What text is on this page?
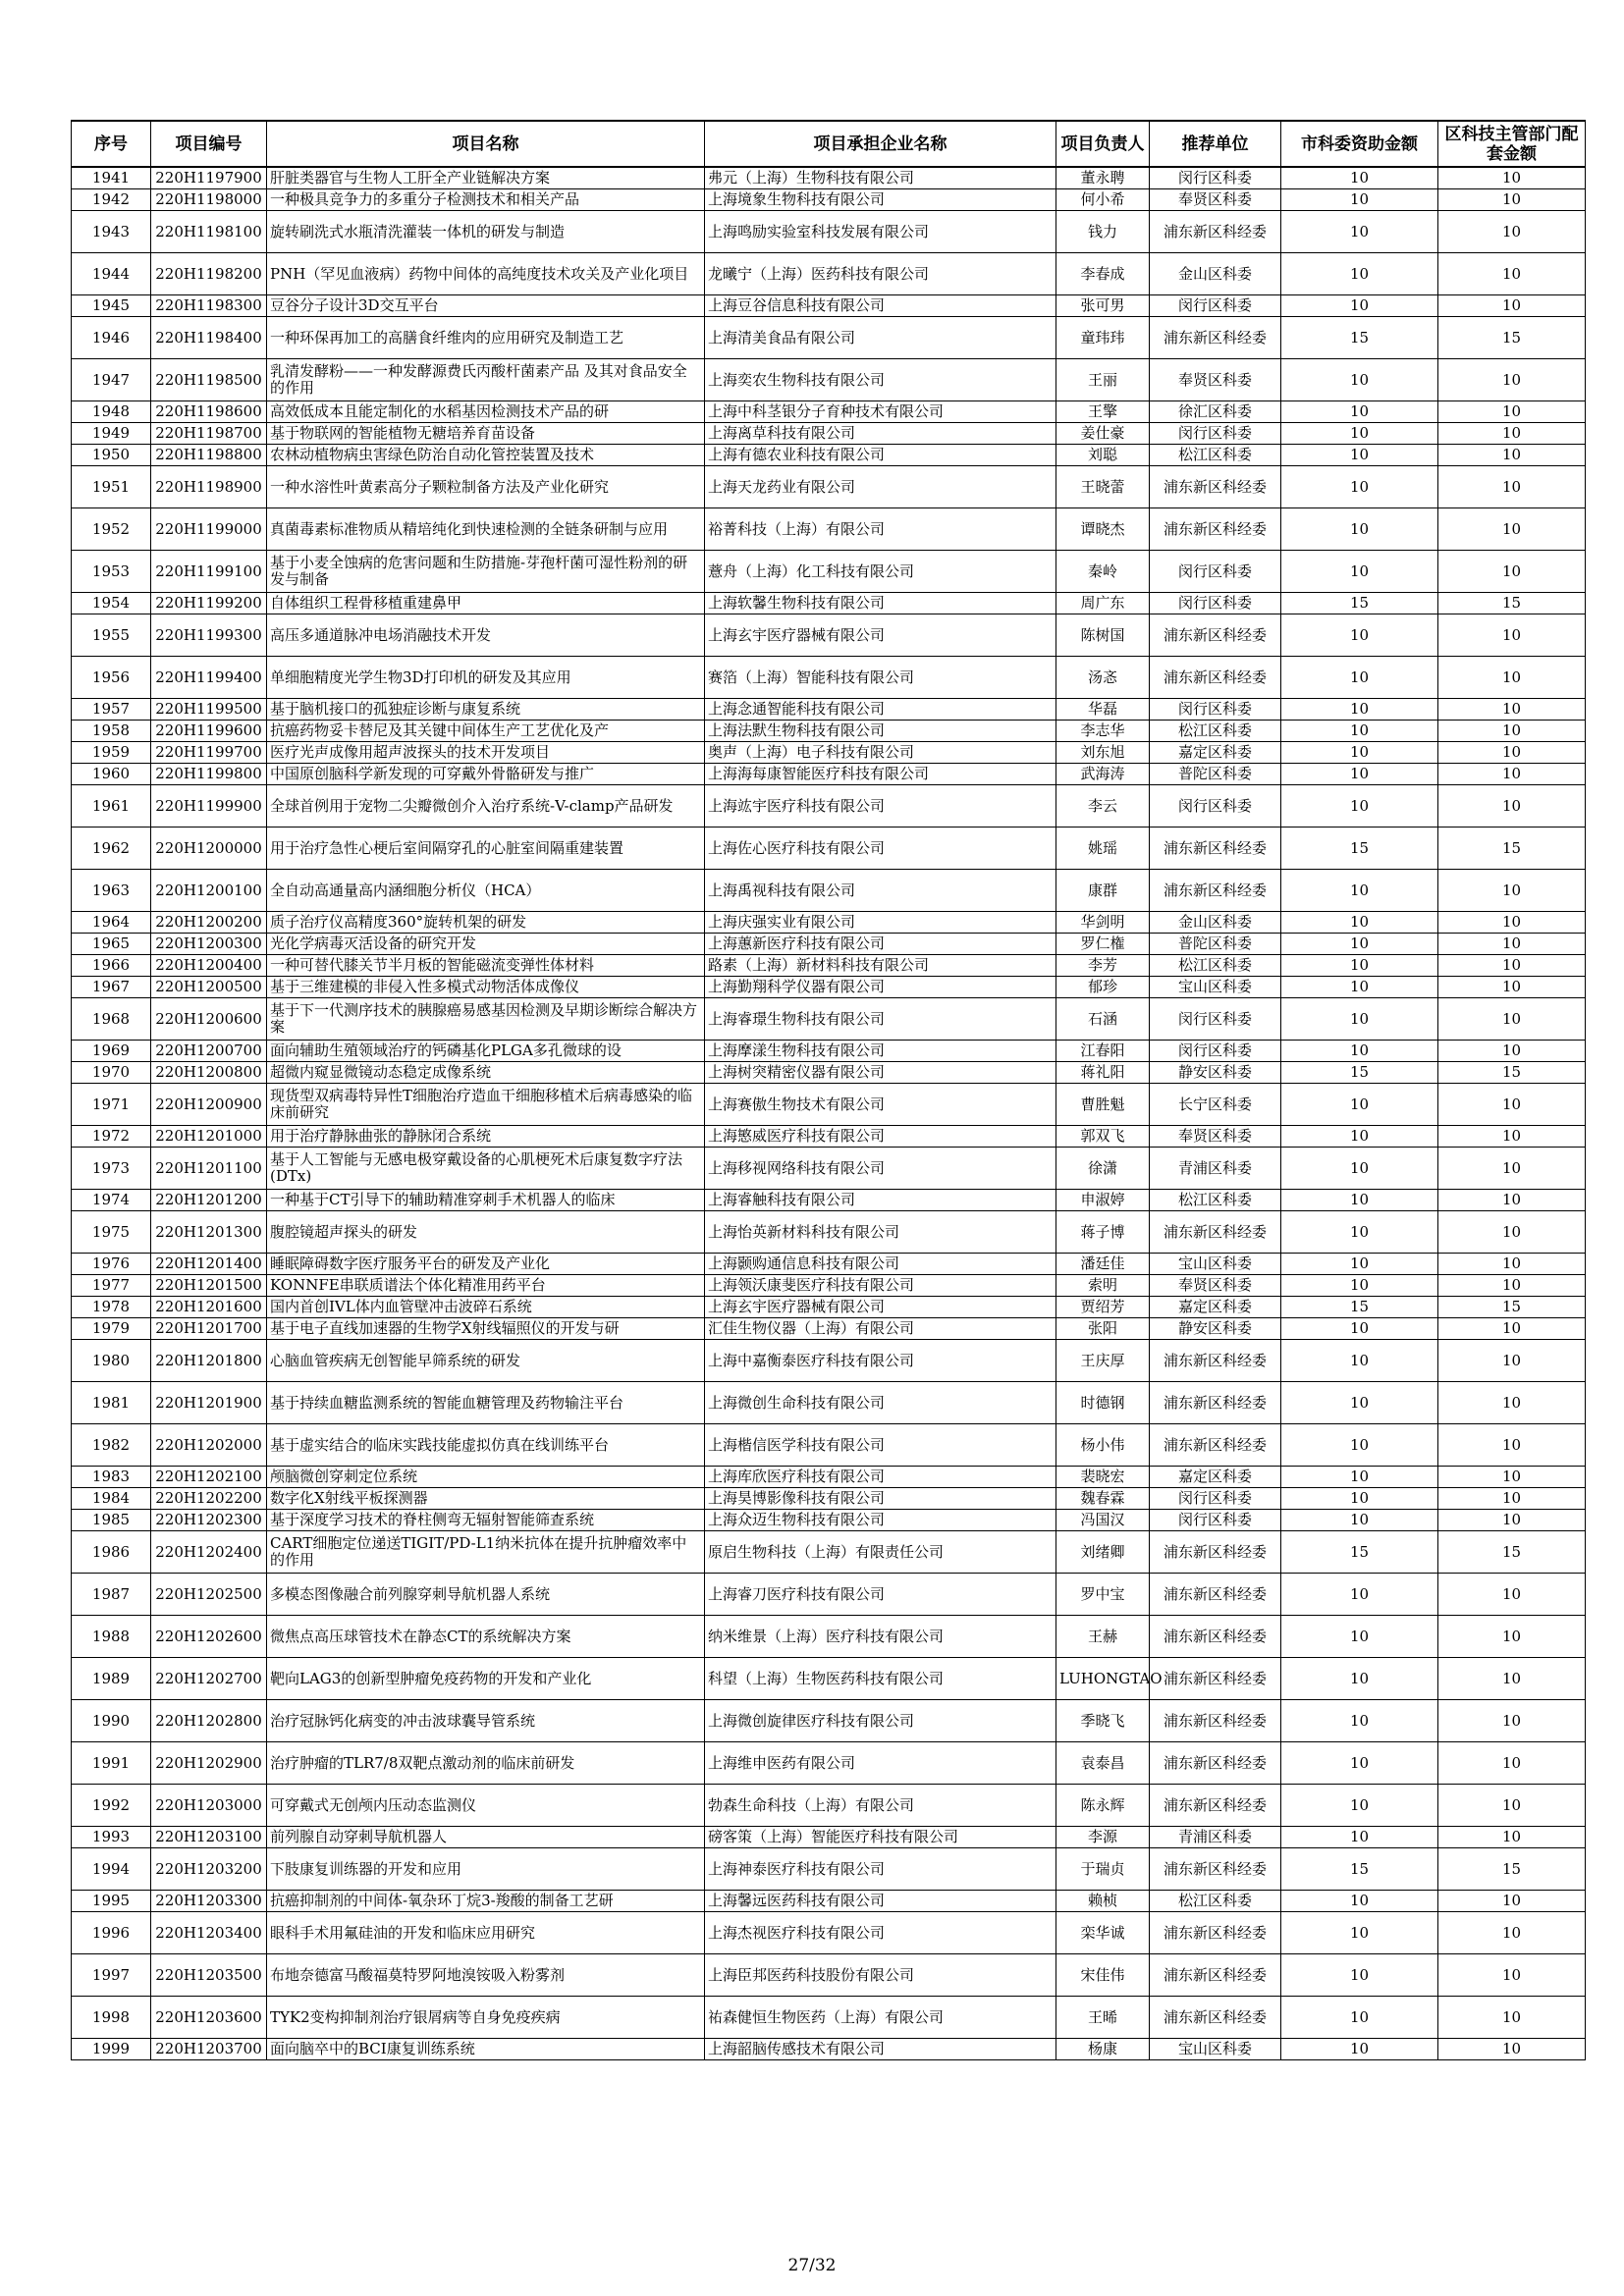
序号	项目编号	项目名称	项目承担企业名称	项目负责人	推荐单位	市科委资助金额	区科技主管部门配套金额

1941	220H1197900	肝脏类器官与生物人工肝全产业链解决方案	弗元（上海）生物科技有限公司	董永聘	闵行区科委	10	10

1942	220H1198000	一种极具竞争力的多重分子检测技术和相关产品	上海境象生物科技有限公司	何小希	奉贤区科委	10	10

1943	220H1198100	旋转刷洗式水瓶清洗灌装一体机的研发与制造	上海鸣励实验室科技发展有限公司	钱力	浦东新区科经委	10	10

1944	220H1198200	PNH（罕见血液病）药物中间体的高纯度技术攻关及产业化项目	龙曦宁（上海）医药科技有限公司	李春成	金山区科委	10	10

1945	220H1198300	豆谷分子设计3D交互平台	上海豆谷信息科技有限公司	张可男	闵行区科委	10	10

1946	220H1198400	一种环保再加工的高膳食纤维肉的应用研究及制造工艺	上海清美食品有限公司	童玮玮	浦东新区科经委	15	15

1947	220H1198500	乳清发酵粉——一种发酵源费氏丙酸杆菌素产品 及其对食品安全的作用	上海奕农生物科技有限公司	王丽	奉贤区科委	10	10

1948	220H1198600	高效低成本且能定制化的水稻基因检测技术产品的研	上海中科茎银分子育种技术有限公司	王擎	徐汇区科委	10	10

1949	220H1198700	基于物联网的智能植物无糖培养育苗设备	上海离草科技有限公司	姜仕豪	闵行区科委	10	10

1950	220H1198800	农林动植物病虫害绿色防治自动化管控装置及技术	上海有德农业科技有限公司	刘聪	松江区科委	10	10

1951	220H1198900	一种水溶性叶黄素高分子颗粒制备方法及产业化研究	上海天龙药业有限公司	王晓蕾	浦东新区科经委	10	10

1952	220H1199000	真菌毒素标准物质从精培纯化到快速检测的全链条研制与应用	裕菁科技（上海）有限公司	谭晓杰	浦东新区科经委	10	10

1953	220H1199100	基于小麦全蚀病的危害问题和生防措施-芽孢杆菌可湿性粉剂的研发与制备	薏舟（上海）化工科技有限公司	秦岭	闵行区科委	10	10

1954	220H1199200	自体组织工程骨移植重建鼻甲	上海软馨生物科技有限公司	周广东	闵行区科委	15	15

1955	220H1199300	高压多通道脉冲电场消融技术开发	上海玄宇医疗器械有限公司	陈树国	浦东新区科经委	10	10

1956	220H1199400	单细胞精度光学生物3D打印机的研发及其应用	赛箔（上海）智能科技有限公司	汤忞	浦东新区科经委	10	10

1957	220H1199500	基于脑机接口的孤独症诊断与康复系统	上海念通智能科技有限公司	华磊	闵行区科委	10	10

1958	220H1199600	抗癌药物妥卡替尼及其关键中间体生产工艺优化及产	上海法默生物科技有限公司	李志华	松江区科委	10	10

1959	220H1199700	医疗光声成像用超声波探头的技术开发项目	奥声（上海）电子科技有限公司	刘东旭	嘉定区科委	10	10

1960	220H1199800	中国原创脑科学新发现的可穿戴外骨骼研发与推广	上海海每康智能医疗科技有限公司	武海涛	普陀区科委	10	10

1961	220H1199900	全球首例用于宠物二尖瓣微创介入治疗系统-V-clamp产品研发	上海竑宇医疗科技有限公司	李云	闵行区科委	10	10

1962	220H1200000	用于治疗急性心梗后室间隔穿孔的心脏室间隔重建装置	上海佐心医疗科技有限公司	姚瑶	浦东新区科经委	15	15

1963	220H1200100	全自动高通量高内涵细胞分析仪（HCA）	上海禹视科技有限公司	康群	浦东新区科经委	10	10

1964	220H1200200	质子治疗仪高精度360°旋转机架的研发	上海庆强实业有限公司	华剑明	金山区科委	10	10

1965	220H1200300	光化学病毒灭活设备的研究开发	上海蕙新医疗科技有限公司	罗仁権	普陀区科委	10	10

1966	220H1200400	一种可替代膝关节半月板的智能磁流变弹性体材料	路素（上海）新材料科技有限公司	李芳	松江区科委	10	10

1967	220H1200500	基于三维建模的非侵入性多模式动物活体成像仪	上海勤翔科学仪器有限公司	郁珍	宝山区科委	10	10

1968	220H1200600	基于下一代测序技术的胰腺癌易感基因检测及早期诊断综合解决方案	上海睿璟生物科技有限公司	石涵	闵行区科委	10	10

1969	220H1200700	面向辅助生殖领域治疗的钙磷基化PLGA多孔微球的设	上海摩漾生物科技有限公司	江春阳	闵行区科委	10	10

1970	220H1200800	超微内窥显微镜动态稳定成像系统	上海树突精密仪器有限公司	蒋礼阳	静安区科委	15	15

1971	220H1200900	现货型双病毒特异性T细胞治疗造血干细胞移植术后病毒感染的临床前研究	上海赛傲生物技术有限公司	曹胜魁	长宁区科委	10	10

1972	220H1201000	用于治疗静脉曲张的静脉闭合系统	上海慜威医疗科技有限公司	郭双飞	奉贤区科委	10	10

1973	220H1201100	基于人工智能与无感电极穿戴设备的心肌梗死术后康复数字疗法(DTx)	上海移视网络科技有限公司	徐潇	青浦区科委	10	10

1974	220H1201200	一种基于CT引导下的辅助精准穿刺手术机器人的临床	上海睿触科技有限公司	申淑婷	松江区科委	10	10

1975	220H1201300	腹腔镜超声探头的研发	上海怡英新材料科技有限公司	蒋子博	浦东新区科经委	10	10

1976	220H1201400	睡眠障碍数字医疗服务平台的研发及产业化	上海颢购通信息科技有限公司	潘廷佳	宝山区科委	10	10

1977	220H1201500	KONNFE串联质谱法个体化精准用药平台	上海领沃康斐医疗科技有限公司	索明	奉贤区科委	10	10

1978	220H1201600	国内首创IVL体内血管壁冲击波碎石系统	上海玄宇医疗器械有限公司	贾绍芳	嘉定区科委	15	15

1979	220H1201700	基于电子直线加速器的生物学X射线辐照仪的开发与研	汇佳生物仪器（上海）有限公司	张阳	静安区科委	10	10

1980	220H1201800	心脑血管疾病无创智能早筛系统的研发	上海中嘉衡泰医疗科技有限公司	王庆厚	浦东新区科经委	10	10

1981	220H1201900	基于持续血糖监测系统的智能血糖管理及药物输注平台	上海微创生命科技有限公司	时德钢	浦东新区科经委	10	10

1982	220H1202000	基于虚实结合的临床实践技能虚拟仿真在线训练平台	上海楷信医学科技有限公司	杨小伟	浦东新区科经委	10	10

1983	220H1202100	颅脑微创穿刺定位系统	上海库欣医疗科技有限公司	裴晓宏	嘉定区科委	10	10

1984	220H1202200	数字化X射线平板探测器	上海昊博影像科技有限公司	魏春霖	闵行区科委	10	10

1985	220H1202300	基于深度学习技术的脊柱侧弯无辐射智能筛查系统	上海众迈生物科技有限公司	冯国汉	闵行区科委	10	10

1986	220H1202400	CART细胞定位递送TIGIT/PD-L1纳米抗体在提升抗肿瘤效率中的作用	原启生物科技（上海）有限责任公司	刘绪卿	浦东新区科经委	15	15

1987	220H1202500	多模态图像融合前列腺穿刺导航机器人系统	上海睿刀医疗科技有限公司	罗中宝	浦东新区科经委	10	10

1988	220H1202600	微焦点高压球管技术在静态CT的系统解决方案	纳米维景（上海）医疗科技有限公司	王赫	浦东新区科经委	10	10

1989	220H1202700	靶向LAG3的创新型肿瘤免疫药物的开发和产业化	科望（上海）生物医药科技有限公司	LUHONGTAO	浦东新区科经委	10	10

1990	220H1202800	治疗冠脉钙化病变的冲击波球囊导管系统	上海微创旋律医疗科技有限公司	季晓飞	浦东新区科经委	10	10

1991	220H1202900	治疗肿瘤的TLR7/8双靶点激动剂的临床前研发	上海维申医药有限公司	袁泰昌	浦东新区科经委	10	10

1992	220H1203000	可穿戴式无创颅内压动态监测仪	勃森生命科技（上海）有限公司	陈永辉	浦东新区科经委	10	10

1993	220H1203100	前列腺自动穿刺导航机器人	磅客策（上海）智能医疗科技有限公司	李源	青浦区科委	10	10

1994	220H1203200	下肢康复训练器的开发和应用	上海神泰医疗科技有限公司	于瑞贞	浦东新区科经委	15	15

1995	220H1203300	抗癌抑制剂的中间体-氧杂环丁烷3-羧酸的制备工艺研	上海馨远医药科技有限公司	赖桢	松江区科委	10	10

1996	220H1203400	眼科手术用氟硅油的开发和临床应用研究	上海杰视医疗科技有限公司	栾华诚	浦东新区科经委	10	10

1997	220H1203500	布地奈德富马酸福莫特罗阿地溴铵吸入粉雾剂	上海臣邦医药科技股份有限公司	宋佳伟	浦东新区科经委	10	10

1998	220H1203600	TYK2变构抑制剂治疗银屑病等自身免疫疾病	祐森健恒生物医药（上海）有限公司	王晞	浦东新区科经委	10	10

1999	220H1203700	面向脑卒中的BCI康复训练系统	上海韶脑传感技术有限公司	杨康	宝山区科委	10	10
27/32
